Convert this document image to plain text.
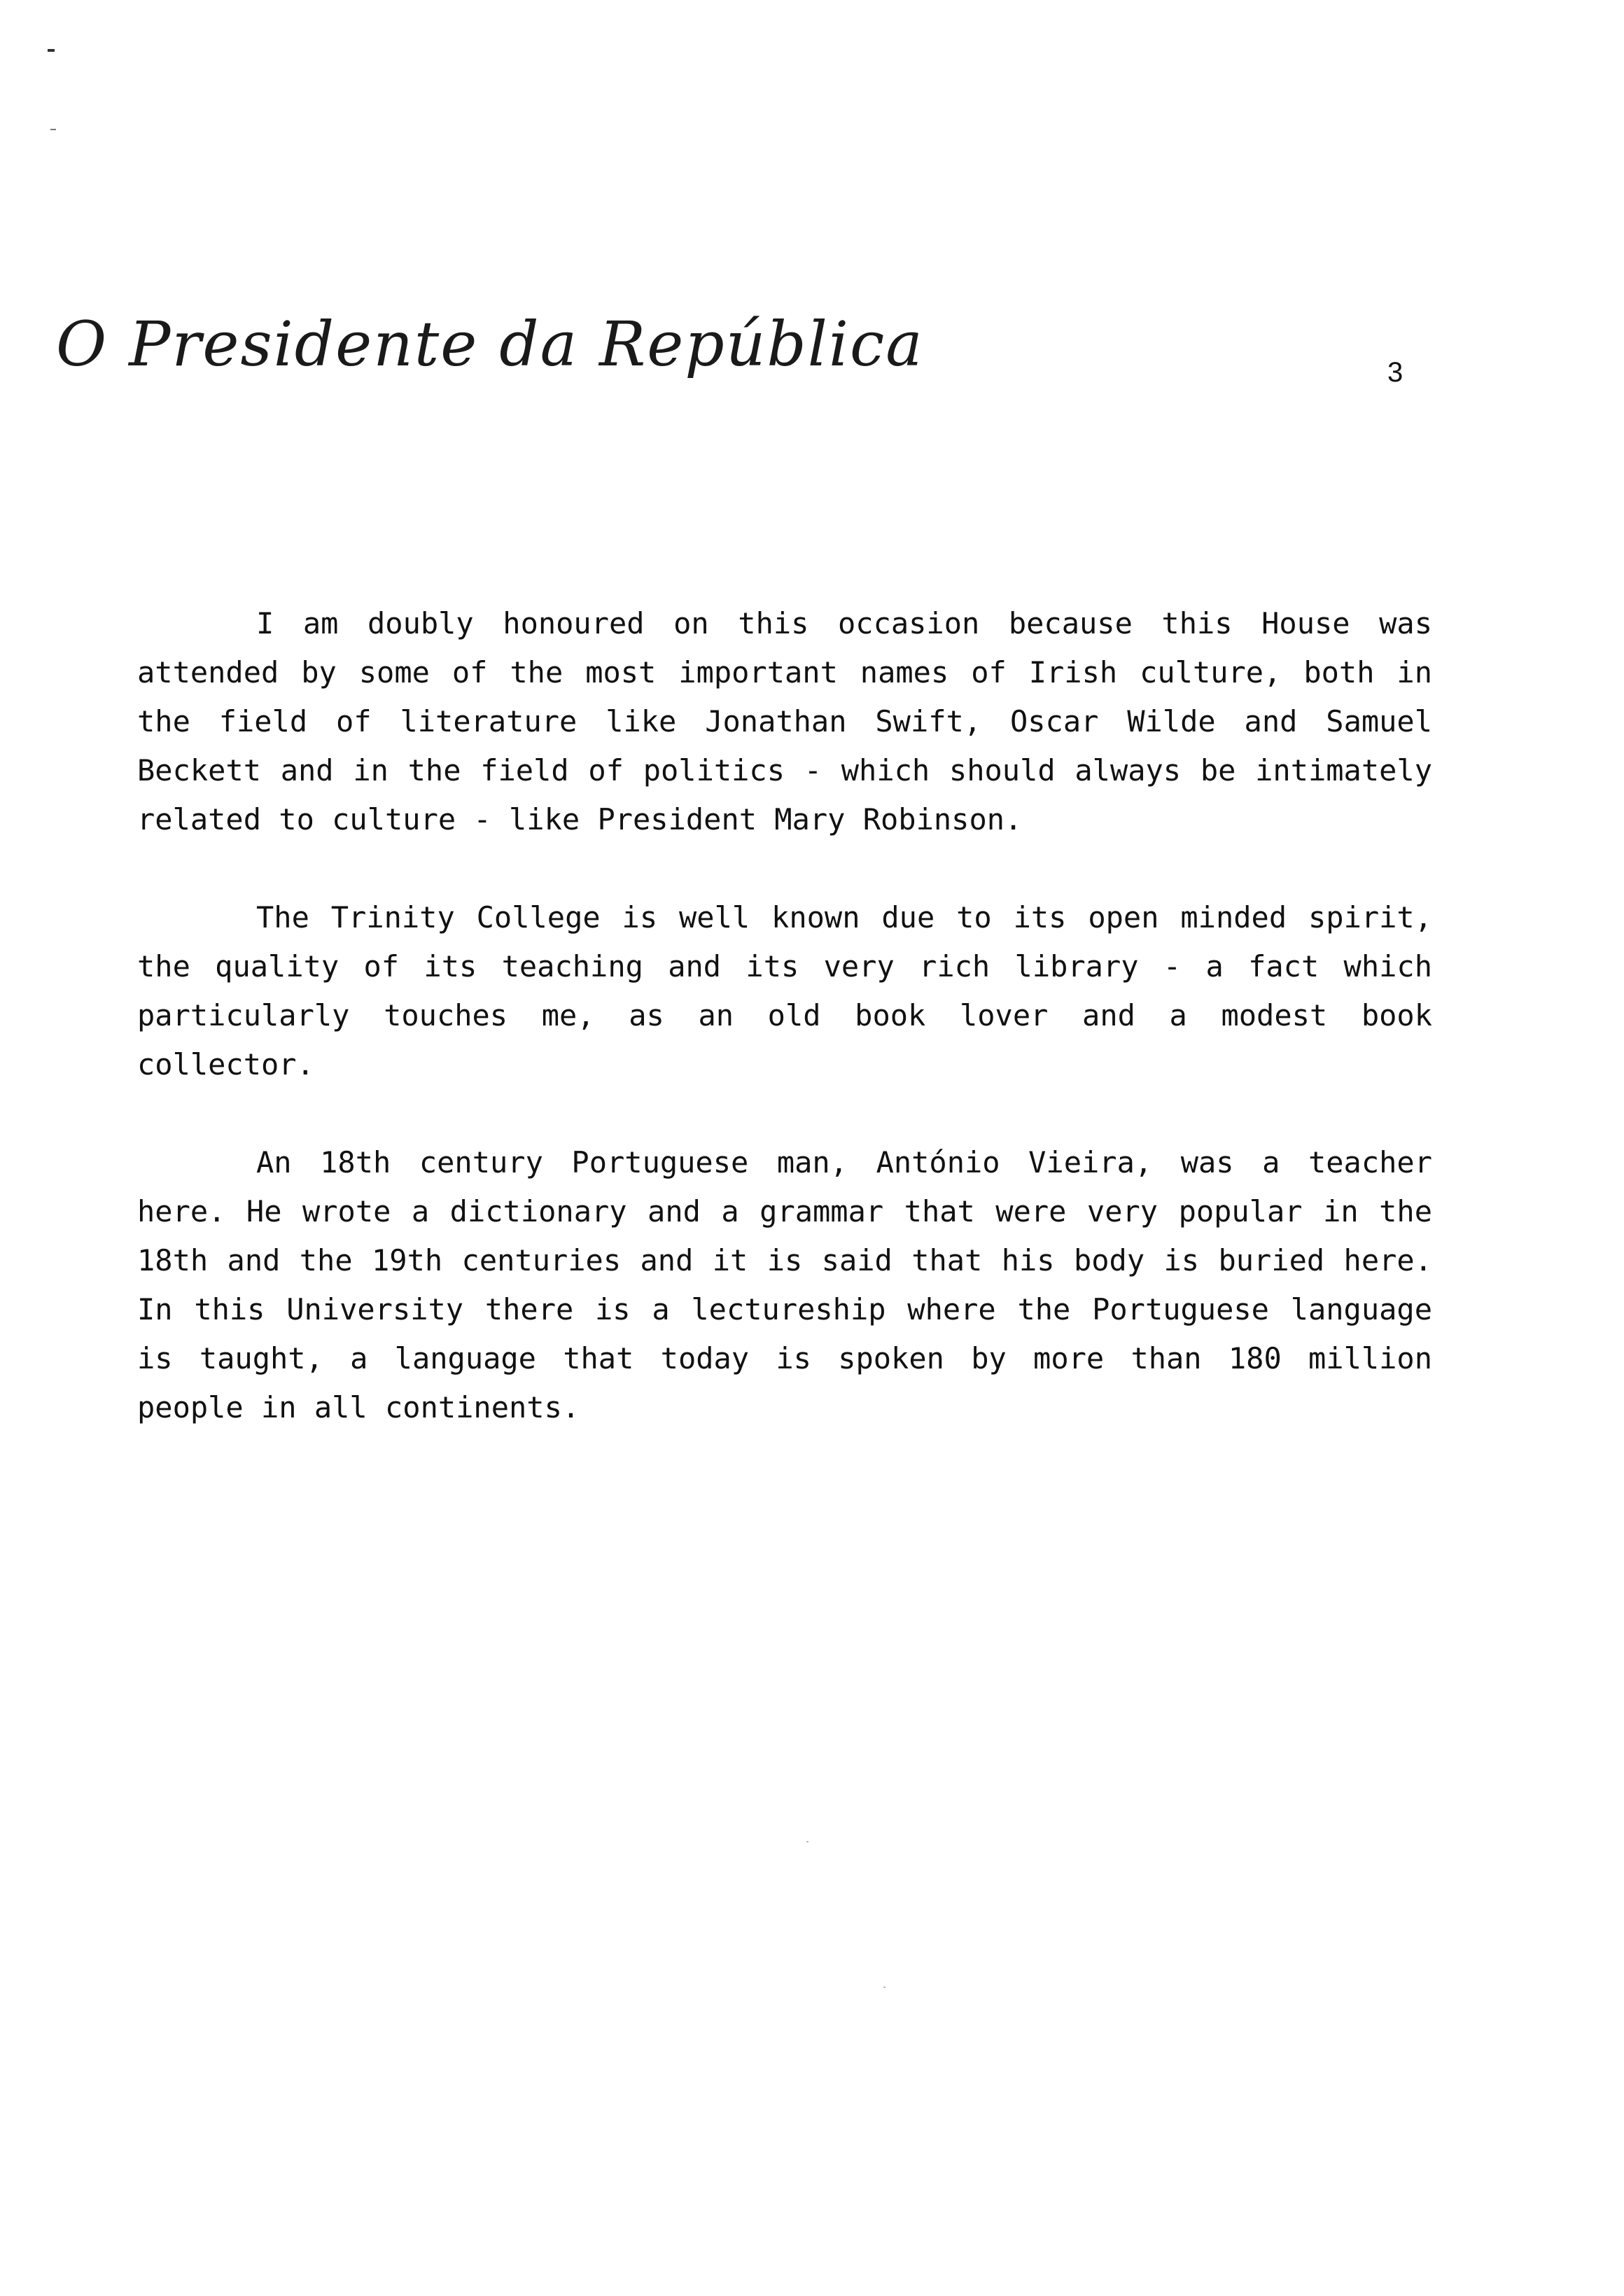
O Presidente da República	3

I am doubly honoured on this occasion because this House was attended by some of the most important names of Irish culture, both in the field of literature like Jonathan Swift, Oscar Wilde and Samuel Beckett and in the field of politics - which should always be intimately related to culture - like President Mary Robinson.

The Trinity College is well known due to its open minded spirit, the quality of its teaching and its very rich library - a fact which particularly touches me, as an old book lover and a modest book collector.

An 18th century Portuguese man, António Vieira, was a teacher here. He wrote a dictionary and a grammar that were very popular in the 18th and the 19th centuries and it is said that his body is buried here. In this University there is a lectureship where the Portuguese language is taught, a language that today is spoken by more than 180 million people in all continents.
